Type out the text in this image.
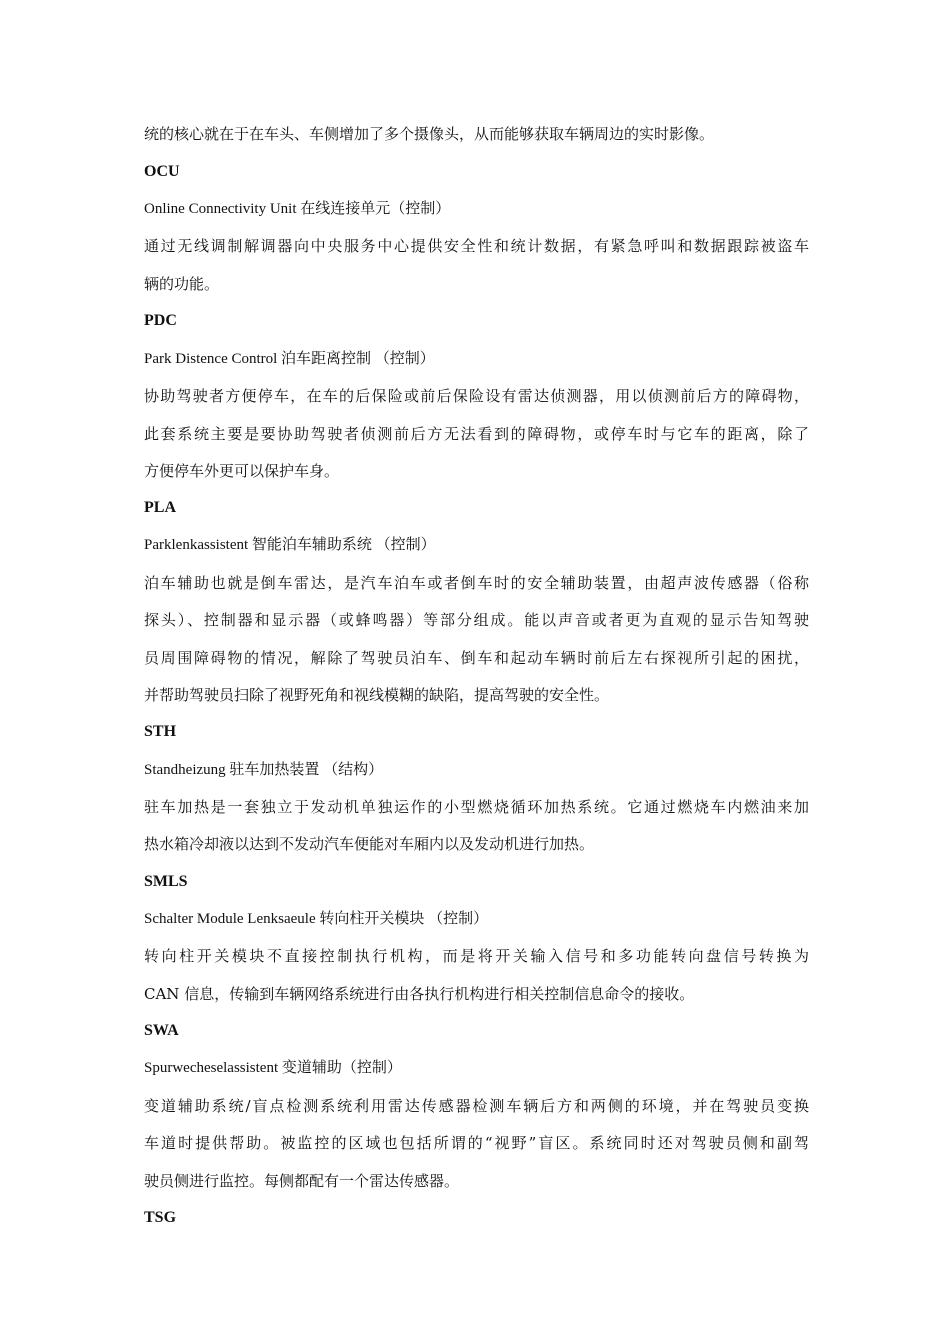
统的核心就在于在车头、车侧增加了多个摄像头，从而能够获取车辆周边的实时影像。
OCU
Online Connectivity Unit 在线连接单元（控制）
通过无线调制解调器向中央服务中心提供安全性和统计数据，有紧急呼叫和数据跟踪被盗车
辆的功能。
PDC
Park Distence Control 泊车距离控制 （控制）
协助驾驶者方便停车，在车的后保险或前后保险设有雷达侦测器，用以侦测前后方的障碍物，
此套系统主要是要协助驾驶者侦测前后方无法看到的障碍物，或停车时与它车的距离，除了
方便停车外更可以保护车身。
PLA
Parklenkassistent 智能泊车辅助系统 （控制）
泊车辅助也就是倒车雷达，是汽车泊车或者倒车时的安全辅助装置，由超声波传感器（俗称
探头）、控制器和显示器（或蜂鸣器）等部分组成。能以声音或者更为直观的显示告知驾驶
员周围障碍物的情况，解除了驾驶员泊车、倒车和起动车辆时前后左右探视所引起的困扰，
并帮助驾驶员扫除了视野死角和视线模糊的缺陷，提高驾驶的安全性。
STH
Standheizung 驻车加热装置 （结构）
驻车加热是一套独立于发动机单独运作的小型燃烧循环加热系统。它通过燃烧车内燃油来加
热水箱冷却液以达到不发动汽车便能对车厢内以及发动机进行加热。
SMLS
Schalter Module Lenksaeule 转向柱开关模块 （控制）
转向柱开关模块不直接控制执行机构，而是将开关输入信号和多功能转向盘信号转换为
CAN 信息，传输到车辆网络系统进行由各执行机构进行相关控制信息命令的接收。
SWA
Spurwecheselassistent 变道辅助（控制）
变道辅助系统/盲点检测系统利用雷达传感器检测车辆后方和两侧的环境，并在驾驶员变换
车道时提供帮助。被监控的区域也包括所谓的“视野”盲区。系统同时还对驾驶员侧和副驾
驶员侧进行监控。每侧都配有一个雷达传感器。
TSG
